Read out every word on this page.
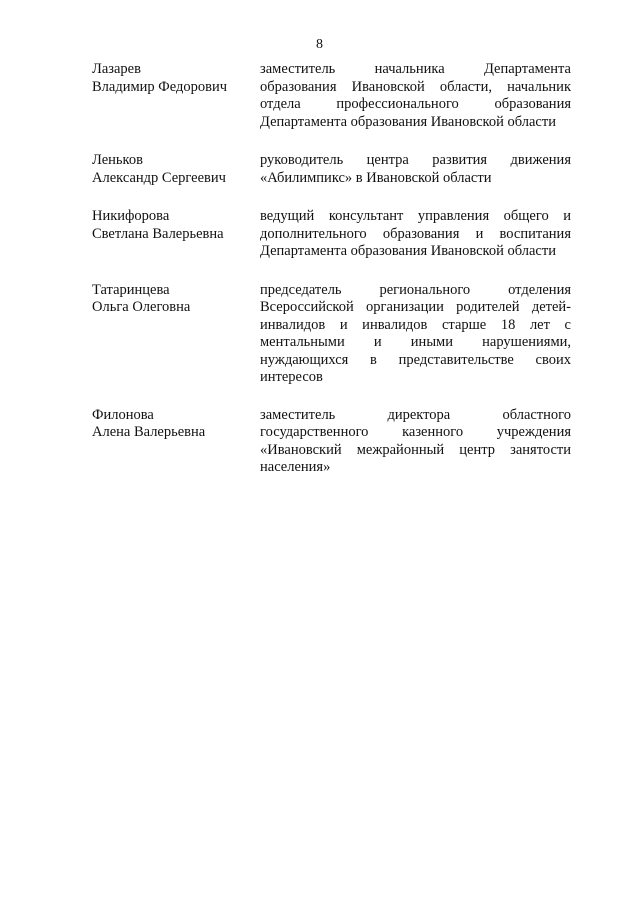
8
Лазарев
Владимир Федорович
заместитель начальника Департамента образования Ивановской области, начальник отдела профессионального образования Департамента образования Ивановской области
Леньков
Александр Сергеевич
руководитель центра развития движения «Абилимпикс» в Ивановской области
Никифорова
Светлана Валерьевна
ведущий консультант управления общего и дополнительного образования и воспитания Департамента образования Ивановской области
Татаринцева
Ольга Олеговна
председатель регионального отделения Всероссийской организации родителей детей-инвалидов и инвалидов старше 18 лет с ментальными и иными нарушениями, нуждающихся в представительстве своих интересов
Филонова
Алена Валерьевна
заместитель директора областного государственного казенного учреждения «Ивановский межрайонный центр занятости населения»
